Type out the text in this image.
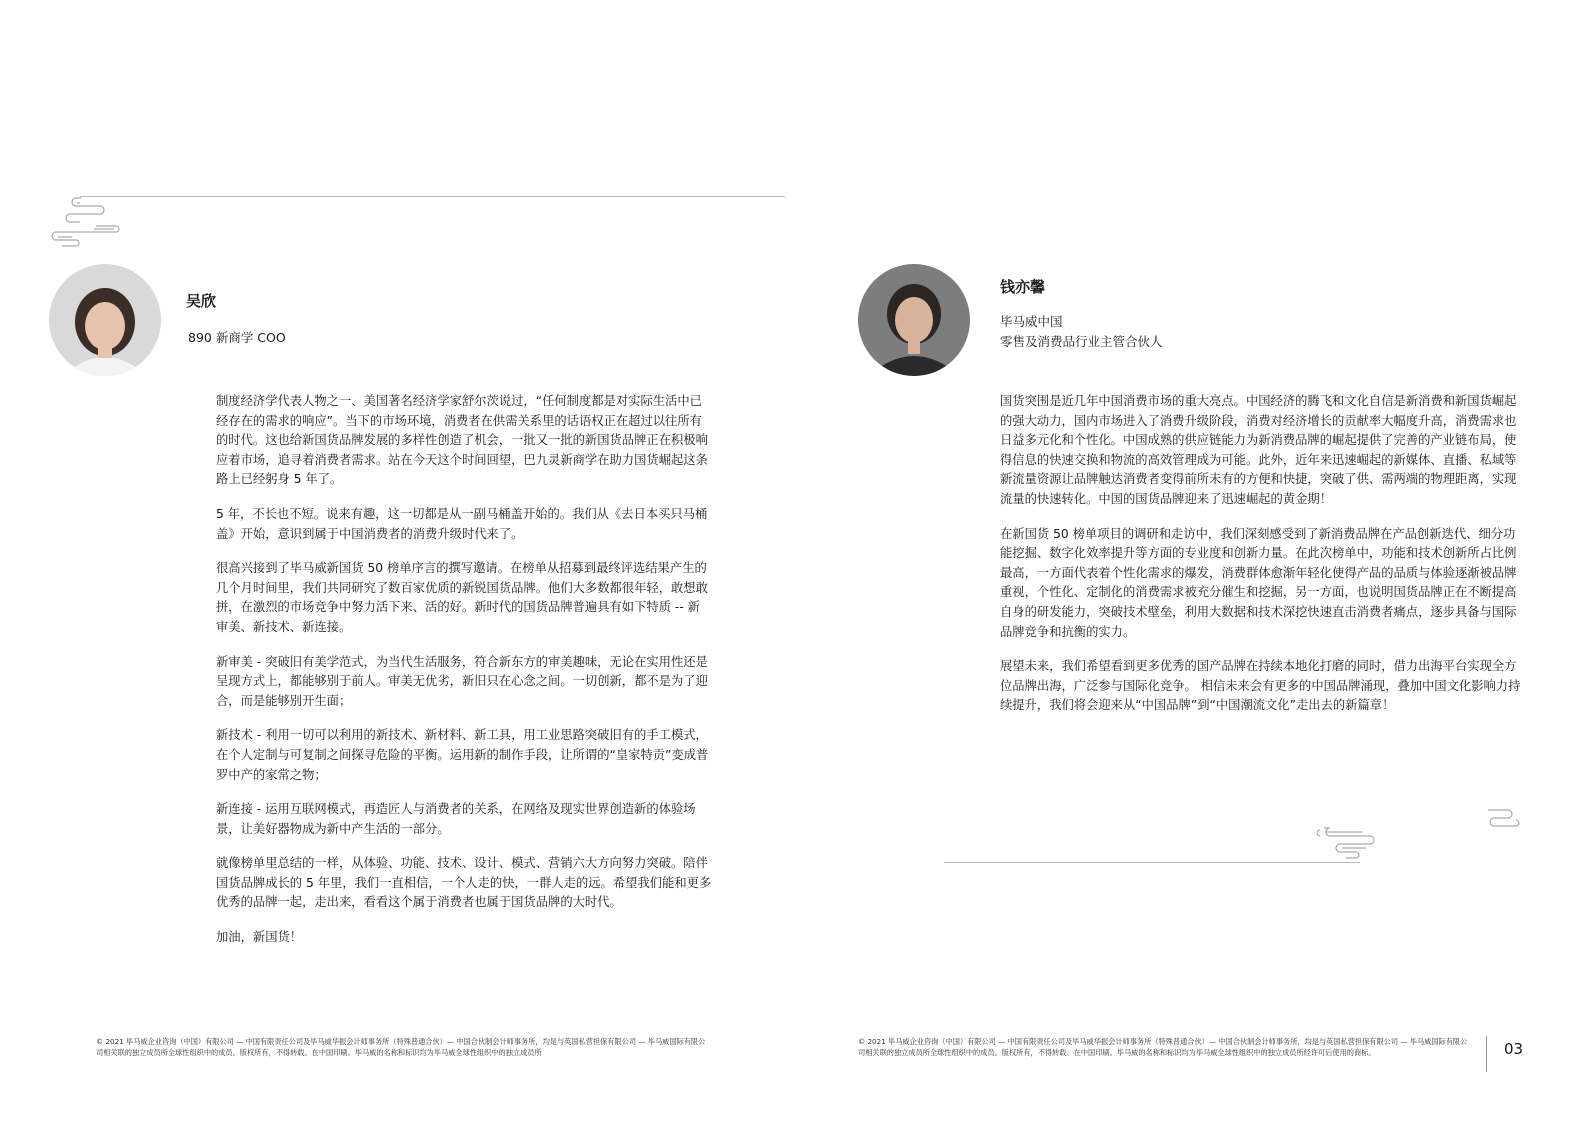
吴欣
890 新商学 COO

制度经济学代表人物之一、美国著名经济学家舒尔茨说过，“任何制度都是对实际生活中已经存在的需求的响应”。当下的市场环境，消费者在供需关系里的话语权正在超过以往所有的时代。这也给新国货品牌发展的多样性创造了机会，一批又一批的新国货品牌正在积极响应着市场，追寻着消费者需求。站在今天这个时间回望，巴九灵新商学在助力国货崛起这条路上已经躬身 5 年了。

5 年，不长也不短。说来有趣，这一切都是从一副马桶盖开始的。我们从《去日本买只马桶盖》开始，意识到属于中国消费者的消费升级时代来了。

很高兴接到了毕马威新国货 50 榜单序言的撰写邀请。在榜单从招募到最终评选结果产生的几个月时间里，我们共同研究了数百家优质的新锐国货品牌。他们大多数都很年轻，敢想敢拼，在激烈的市场竞争中努力活下来、活的好。新时代的国货品牌普遍具有如下特质 -- 新审美、新技术、新连接。

新审美 - 突破旧有美学范式，为当代生活服务，符合新东方的审美趣味，无论在实用性还是呈现方式上，都能够别于前人。审美无优劣，新旧只在心念之间。一切创新，都不是为了迎合，而是能够别开生面；

新技术 - 利用一切可以利用的新技术、新材料、新工具，用工业思路突破旧有的手工模式，在个人定制与可复制之间探寻危险的平衡。运用新的制作手段，让所谓的“皇家特贡”变成普罗中产的家常之物；

新连接 - 运用互联网模式，再造匠人与消费者的关系，在网络及现实世界创造新的体验场景，让美好器物成为新中产生活的一部分。

就像榜单里总结的一样，从体验、功能、技术、设计、模式、营销六大方向努力突破。陪伴国货品牌成长的 5 年里，我们一直相信，一个人走的快，一群人走的远。希望我们能和更多优秀的品牌一起，走出来，看看这个属于消费者也属于国货品牌的大时代。

加油，新国货！

© 2021 毕马威企业咨询（中国）有限公司 — 中国有限责任公司及毕马威华振会计师事务所（特殊普通合伙）— 中国合伙制会计师事务所，均是与英国私营担保有限公司 — 毕马威国际有限公司相关联的独立成员所全球性组织中的成员。版权所有，不得转载。在中国印刷。毕马威的名称和标识均为毕马威全球性组织中的独立成员所
钱亦馨
毕马威中国
零售及消费品行业主管合伙人

国货突围是近几年中国消费市场的重大亮点。中国经济的腾飞和文化自信是新消费和新国货崛起的强大动力，国内市场进入了消费升级阶段，消费对经济增长的贡献率大幅度升高，消费需求也日益多元化和个性化。中国成熟的供应链能力为新消费品牌的崛起提供了完善的产业链布局，使得信息的快速交换和物流的高效管理成为可能。此外，近年来迅速崛起的新媒体、直播、私域等新流量资源让品牌触达消费者变得前所未有的方便和快捷，突破了供、需两端的物理距离，实现流量的快速转化。中国的国货品牌迎来了迅速崛起的黄金期！

在新国货 50 榜单项目的调研和走访中，我们深刻感受到了新消费品牌在产品创新迭代、细分功能挖掘、数字化效率提升等方面的专业度和创新力量。在此次榜单中，功能和技术创新所占比例最高，一方面代表着个性化需求的爆发，消费群体愈渐年轻化使得产品的品质与体验逐渐被品牌重视，个性化、定制化的消费需求被充分催生和挖掘，另一方面，也说明国货品牌正在不断提高自身的研发能力，突破技术壁垒，利用大数据和技术深挖快速直击消费者痛点，逐步具备与国际品牌竞争和抗衡的实力。

展望未来，我们希望看到更多优秀的国产品牌在持续本地化打磨的同时，借力出海平台实现全方位品牌出海，广泛参与国际化竞争。 相信未来会有更多的中国品牌涌现，叠加中国文化影响力持续提升，我们将会迎来从“中国品牌”到“中国潮流文化”走出去的新篇章！

© 2021 毕马威企业咨询（中国）有限公司 — 中国有限责任公司及毕马威华振会计师事务所（特殊普通合伙）— 中国合伙制会计师事务所，均是与英国私营担保有限公司 — 毕马威国际有限公司相关联的独立成员所全球性组织中的成员。版权所有，不得转载。在中国印刷。毕马威的名称和标识均为毕马威全球性组织中的独立成员所经许可后使用的商标。	03
